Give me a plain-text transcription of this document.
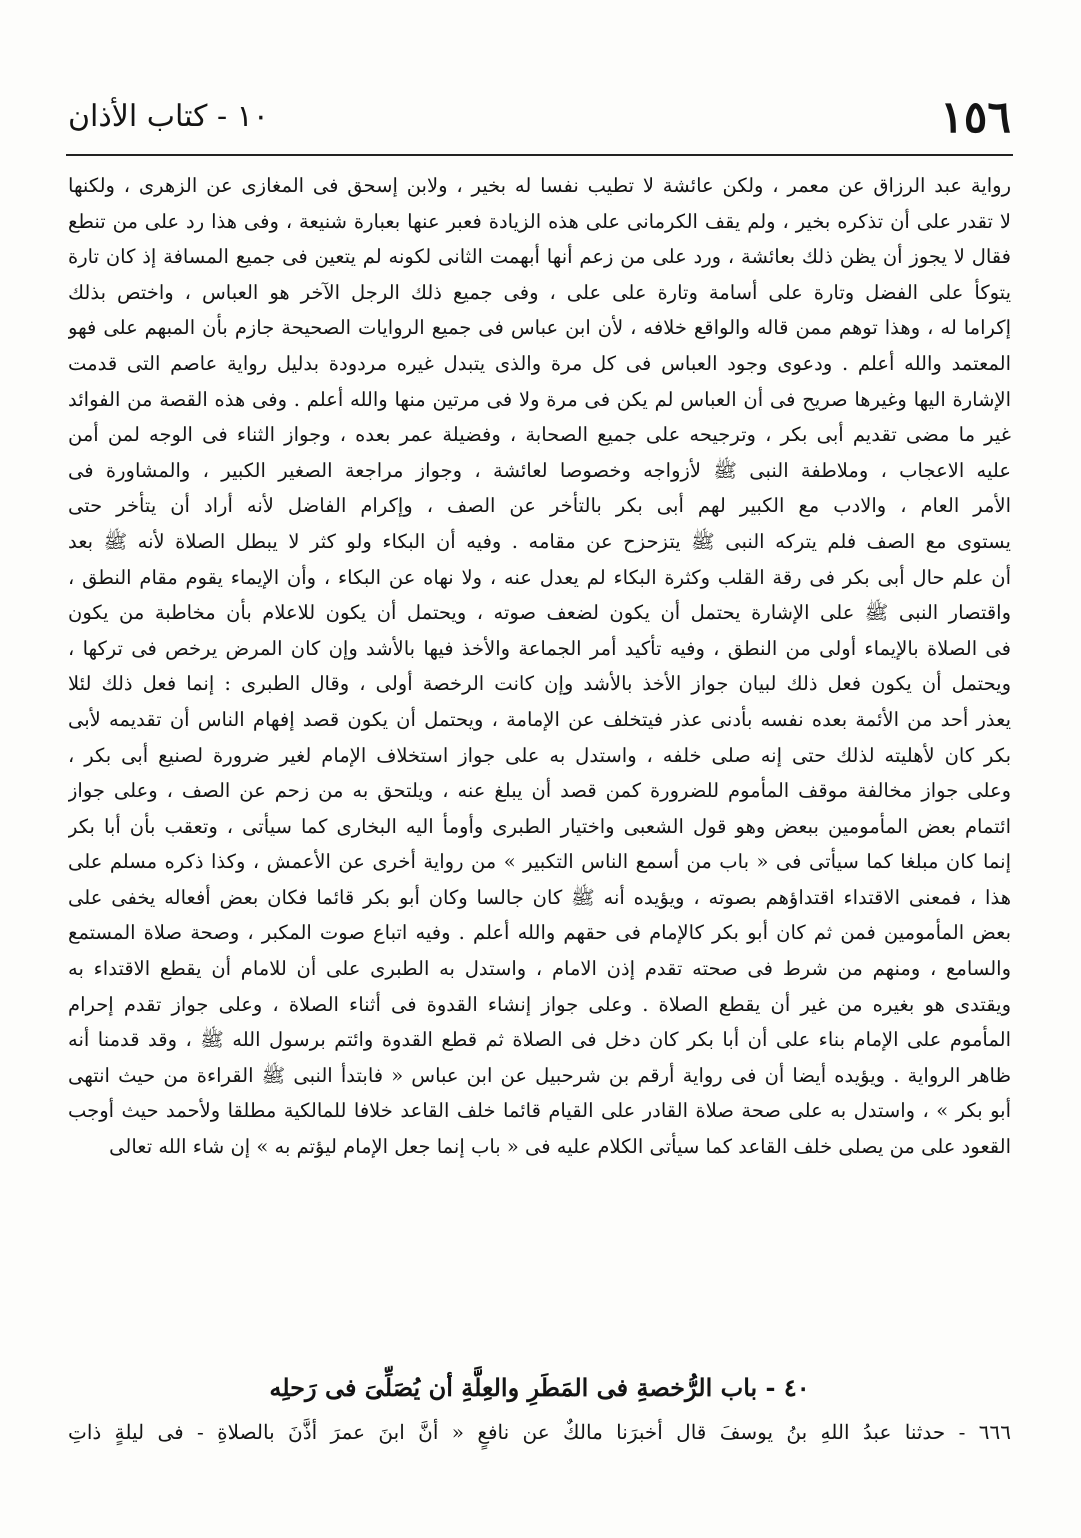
١٥٦
١٠ - كتاب الأذان
رواية عبد الرزاق عن معمر ، ولكن عائشة لا تطيب نفسا له بخير ، ولابن إسحق فى المغازى عن الزهرى ، ولكنها
لا تقدر على أن تذكره بخير ، ولم يقف الكرمانى على هذه الزيادة فعبر عنها بعبارة شنيعة ، وفى هذا رد على من تنطع
فقال لا يجوز أن يظن ذلك بعائشة ، ورد على من زعم أنها أبهمت الثانى لكونه لم يتعين فى جميع المسافة إذ كان تارة
يتوكأ على الفضل وتارة على أسامة وتارة على على ، وفى جميع ذلك الرجل الآخر هو العباس ، واختص بذلك
إكراما له ، وهذا توهم ممن قاله والواقع خلافه ، لأن ابن عباس فى جميع الروايات الصحيحة جازم بأن المبهم على فهو
المعتمد والله أعلم . ودعوى وجود العباس فى كل مرة والذى يتبدل غيره مردودة بدليل رواية عاصم التى قدمت
الإشارة اليها وغيرها صريح فى أن العباس لم يكن فى مرة ولا فى مرتين منها والله أعلم . وفى هذه القصة من الفوائد
غير ما مضى تقديم أبى بكر ، وترجيحه على جميع الصحابة ، وفضيلة عمر بعده ، وجواز الثناء فى الوجه لمن أمن
عليه الاعجاب ، وملاطفة النبى ﷺ لأزواجه وخصوصا لعائشة ، وجواز مراجعة الصغير الكبير ، والمشاورة فى
الأمر العام ، والادب مع الكبير لهم أبى بكر بالتأخر عن الصف ، وإكرام الفاضل لأنه أراد أن يتأخر حتى
يستوى مع الصف فلم يتركه النبى ﷺ يتزحزح عن مقامه . وفيه أن البكاء ولو كثر لا يبطل الصلاة لأنه ﷺ بعد
أن علم حال أبى بكر فى رقة القلب وكثرة البكاء لم يعدل عنه ، ولا نهاه عن البكاء ، وأن الإيماء يقوم مقام النطق ،
واقتصار النبى ﷺ على الإشارة يحتمل أن يكون لضعف صوته ، ويحتمل أن يكون للاعلام بأن مخاطبة من يكون
فى الصلاة بالإيماء أولى من النطق ، وفيه تأكيد أمر الجماعة والأخذ فيها بالأشد وإن كان المرض يرخص فى تركها ،
ويحتمل أن يكون فعل ذلك لبيان جواز الأخذ بالأشد وإن كانت الرخصة أولى ، وقال الطبرى : إنما فعل ذلك لئلا
يعذر أحد من الأئمة بعده نفسه بأدنى عذر فيتخلف عن الإمامة ، ويحتمل أن يكون قصد إفهام الناس أن تقديمه لأبى
بكر كان لأهليته لذلك حتى إنه صلى خلفه ، واستدل به على جواز استخلاف الإمام لغير ضرورة لصنيع أبى بكر ،
وعلى جواز مخالفة موقف المأموم للضرورة كمن قصد أن يبلغ عنه ، ويلتحق به من زحم عن الصف ، وعلى جواز
ائتمام بعض المأمومين ببعض وهو قول الشعبى واختيار الطبرى وأومأ اليه البخارى كما سيأتى ، وتعقب بأن أبا بكر
إنما كان مبلغا كما سيأتى فى « باب من أسمع الناس التكبير » من رواية أخرى عن الأعمش ، وكذا ذكره مسلم على
هذا ، فمعنى الاقتداء اقتداؤهم بصوته ، ويؤيده أنه ﷺ كان جالسا وكان أبو بكر قائما فكان بعض أفعاله يخفى على
بعض المأمومين فمن ثم كان أبو بكر كالإمام فى حقهم والله أعلم . وفيه اتباع صوت المكبر ، وصحة صلاة المستمع
والسامع ، ومنهم من شرط فى صحته تقدم إذن الامام ، واستدل به الطبرى على أن للامام أن يقطع الاقتداء به
ويقتدى هو بغيره من غير أن يقطع الصلاة . وعلى جواز إنشاء القدوة فى أثناء الصلاة ، وعلى جواز تقدم إحرام
المأموم على الإمام بناء على أن أبا بكر كان دخل فى الصلاة ثم قطع القدوة وائتم برسول الله ﷺ ، وقد قدمنا أنه
ظاهر الرواية . ويؤيده أيضا أن فى رواية أرقم بن شرحبيل عن ابن عباس « فابتدأ النبى ﷺ القراءة من حيث انتهى
أبو بكر » ، واستدل به على صحة صلاة القادر على القيام قائما خلف القاعد خلافا للمالكية مطلقا ولأحمد حيث أوجب
القعود على من يصلى خلف القاعد كما سيأتى الكلام عليه فى « باب إنما جعل الإمام ليؤتم به » إن شاء الله تعالى
٤٠ - باب الرُّخصةِ فى المَطَرِ والعِلَّةِ أن يُصَلِّىَ فى رَحلِه
٦٦٦ - حدثنا عبدُ اللهِ بنُ يوسفَ قال أخبرَنا مالكٌ عن نافعٍ « أنَّ ابنَ عمرَ أذَّنَ بالصلاةِ - فى ليلةٍ ذاتِ
